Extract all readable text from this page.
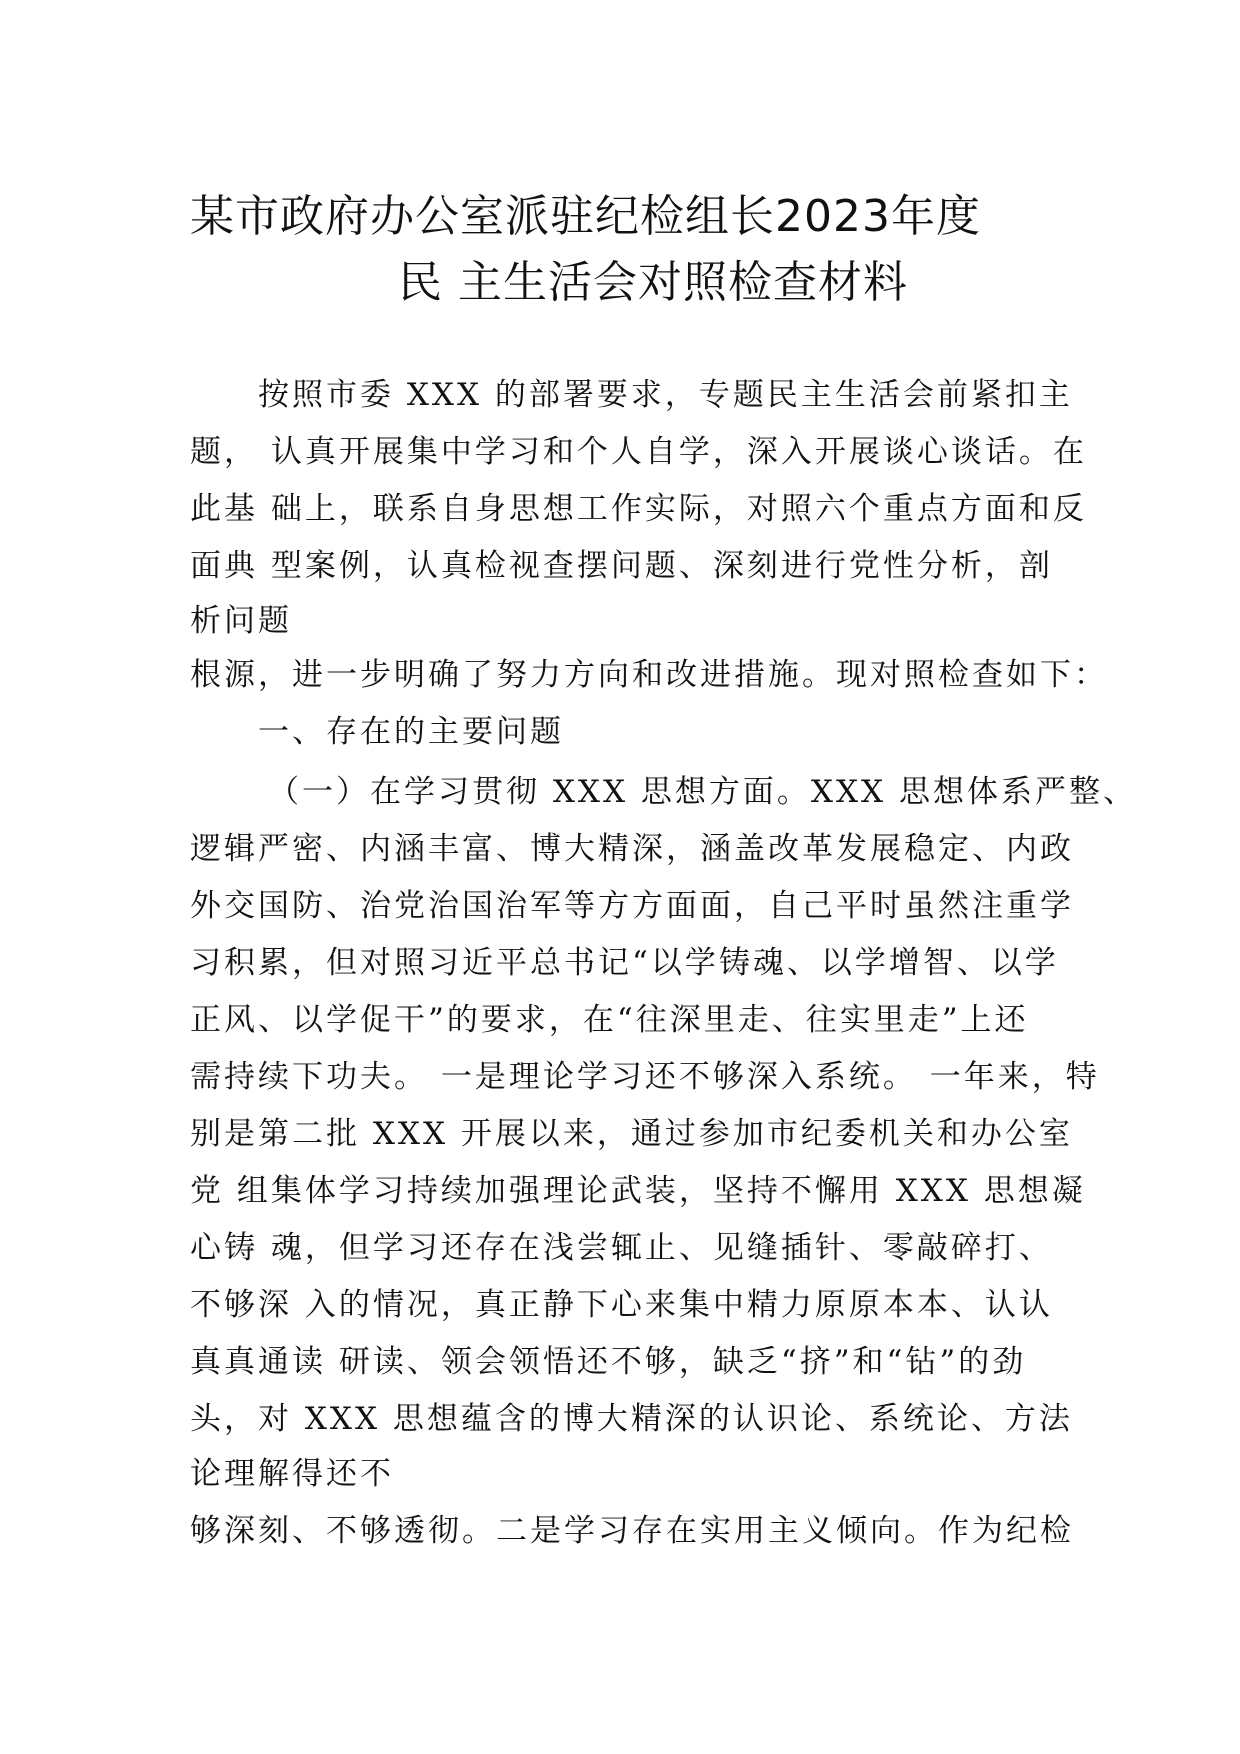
某市政府办公室派驻纪检组长2023年度
民 主生活会对照检查材料
按照市委 XXX 的部署要求，专题民主生活会前紧扣主
题， 认真开展集中学习和个人自学，深入开展谈心谈话。在
此基 础上，联系自身思想工作实际，对照六个重点方面和反
面典 型案例，认真检视查摆问题、深刻进行党性分析，剖
析问题
根源，进一步明确了努力方向和改进措施。现对照检查如下：
一、存在的主要问题
（一）在学习贯彻 XXX 思想方面。XXX 思想体系严整、
逻辑严密、内涵丰富、博大精深，涵盖改革发展稳定、内政
外交国防、治党治国治军等方方面面，自己平时虽然注重学
习积累，但对照习近平总书记“以学铸魂、以学增智、以学
正风、以学促干”的要求，在“往深里走、往实里走”上还
需持续下功夫。 一是理论学习还不够深入系统。 一年来，特
别是第二批 XXX 开展以来，通过参加市纪委机关和办公室
党 组集体学习持续加强理论武装，坚持不懈用 XXX 思想凝
心铸 魂，但学习还存在浅尝辄止、见缝插针、零敲碎打、
不够深 入的情况，真正静下心来集中精力原原本本、认认
真真通读 研读、领会领悟还不够，缺乏“挤”和“钻”的劲
头，对 XXX 思想蕴含的博大精深的认识论、系统论、方法
论理解得还不
够深刻、不够透彻。二是学习存在实用主义倾向。作为纪检
